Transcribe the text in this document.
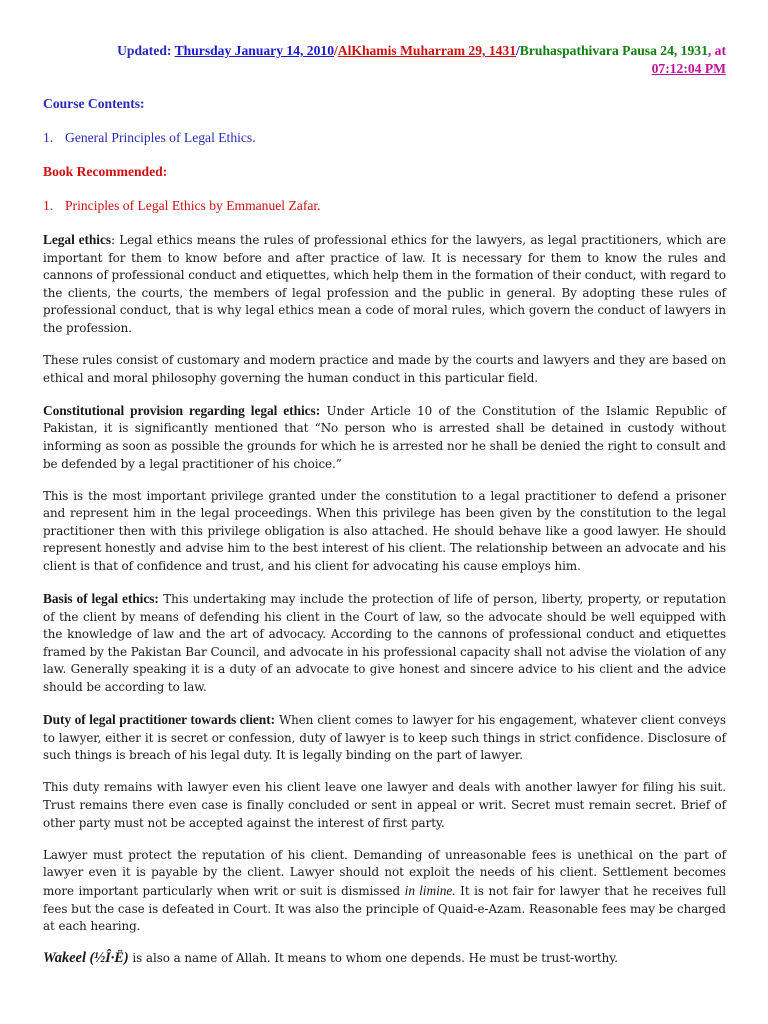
Updated: Thursday January 14, 2010/AlKhamis Muharram 29, 1431/Bruhaspathivara Pausa 24, 1931, at
07:12:04 PM
Course Contents:
1. General Principles of Legal Ethics.
Book Recommended:
1. Principles of Legal Ethics by Emmanuel Zafar.

Legal ethics: Legal ethics means the rules of professional ethics for the lawyers, as legal practitioners, which are important for them to know before and after practice of law. It is necessary for them to know the rules and cannons of professional conduct and etiquettes, which help them in the formation of their conduct, with regard to the clients, the courts, the members of legal profession and the public in general. By adopting these rules of professional conduct, that is why legal ethics mean a code of moral rules, which govern the conduct of lawyers in the profession.

These rules consist of customary and modern practice and made by the courts and lawyers and they are based on ethical and moral philosophy governing the human conduct in this particular field.

Constitutional provision regarding legal ethics: Under Article 10 of the Constitution of the Islamic Republic of Pakistan, it is significantly mentioned that “No person who is arrested shall be detained in custody without informing as soon as possible the grounds for which he is arrested nor he shall be denied the right to consult and be defended by a legal practitioner of his choice.”

This is the most important privilege granted under the constitution to a legal practitioner to defend a prisoner and represent him in the legal proceedings. When this privilege has been given by the constitution to the legal practitioner then with this privilege obligation is also attached. He should behave like a good lawyer. He should represent honestly and advise him to the best interest of his client. The relationship between an advocate and his client is that of confidence and trust, and his client for advocating his cause employs him.

Basis of legal ethics: This undertaking may include the protection of life of person, liberty, property, or reputation of the client by means of defending his client in the Court of law, so the advocate should be well equipped with the knowledge of law and the art of advocacy. According to the cannons of professional conduct and etiquettes framed by the Pakistan Bar Council, and advocate in his professional capacity shall not advise the violation of any law. Generally speaking it is a duty of an advocate to give honest and sincere advice to his client and the advice should be according to law.

Duty of legal practitioner towards client: When client comes to lawyer for his engagement, whatever client conveys to lawyer, either it is secret or confession, duty of lawyer is to keep such things in strict confidence. Disclosure of such things is breach of his legal duty. It is legally binding on the part of lawyer.

This duty remains with lawyer even his client leave one lawyer and deals with another lawyer for filing his suit. Trust remains there even case is finally concluded or sent in appeal or writ. Secret must remain secret. Brief of other party must not be accepted against the interest of first party.

Lawyer must protect the reputation of his client. Demanding of unreasonable fees is unethical on the part of lawyer even it is payable by the client. Lawyer should not exploit the needs of his client. Settlement becomes more important particularly when writ or suit is dismissed in limine. It is not fair for lawyer that he receives full fees but the case is defeated in Court. It was also the principle of Quaid-e-Azam. Reasonable fees may be charged at each hearing.

Wakeel (½Î·Ë) is also a name of Allah. It means to whom one depends. He must be trust-worthy.
